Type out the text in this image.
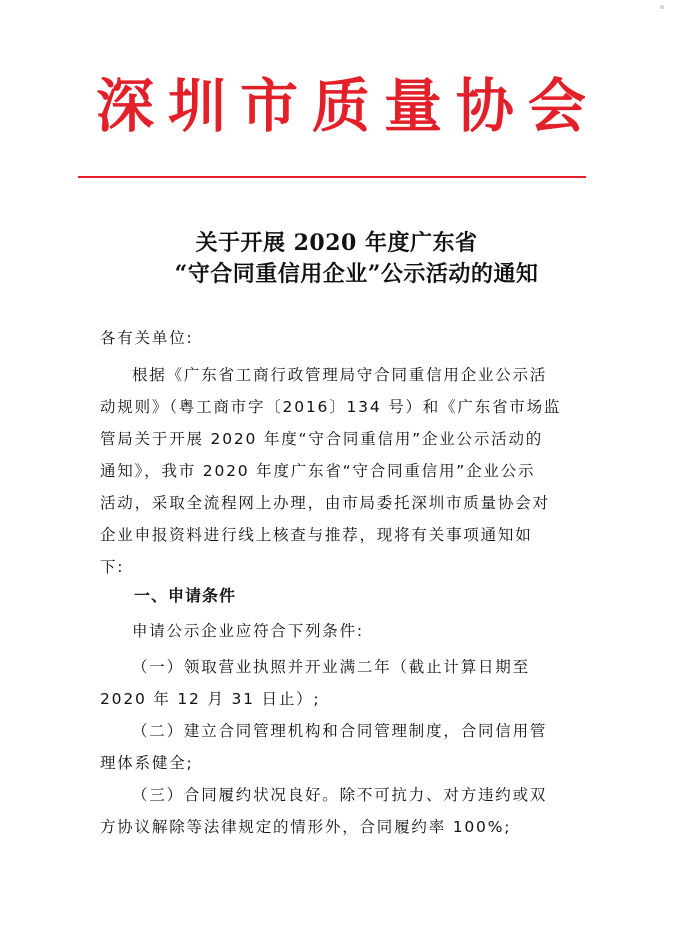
深 圳 市 质 量 协 会
关于开展 2020 年度广东省
“守合同重信用企业”公示活动的通知
各有关单位:
根据《广东省工商行政管理局守合同重信用企业公示活
动规则》（粤工商市字〔2016〕134 号）和《广东省市场监
管局关于开展 2020 年度“守合同重信用”企业公示活动的
通知》，我市 2020 年度广东省“守合同重信用”企业公示
活动，采取全流程网上办理，由市局委托深圳市质量协会对
企业申报资料进行线上核查与推荐，现将有关事项通知如
下:
一、申请条件
申请公示企业应符合下列条件:
（一）领取营业执照并开业满二年（截止计算日期至
2020 年 12 月 31 日止）;
（二）建立合同管理机构和合同管理制度，合同信用管
理体系健全;
（三）合同履约状况良好。除不可抗力、对方违约或双
方协议解除等法律规定的情形外，合同履约率 100%;
